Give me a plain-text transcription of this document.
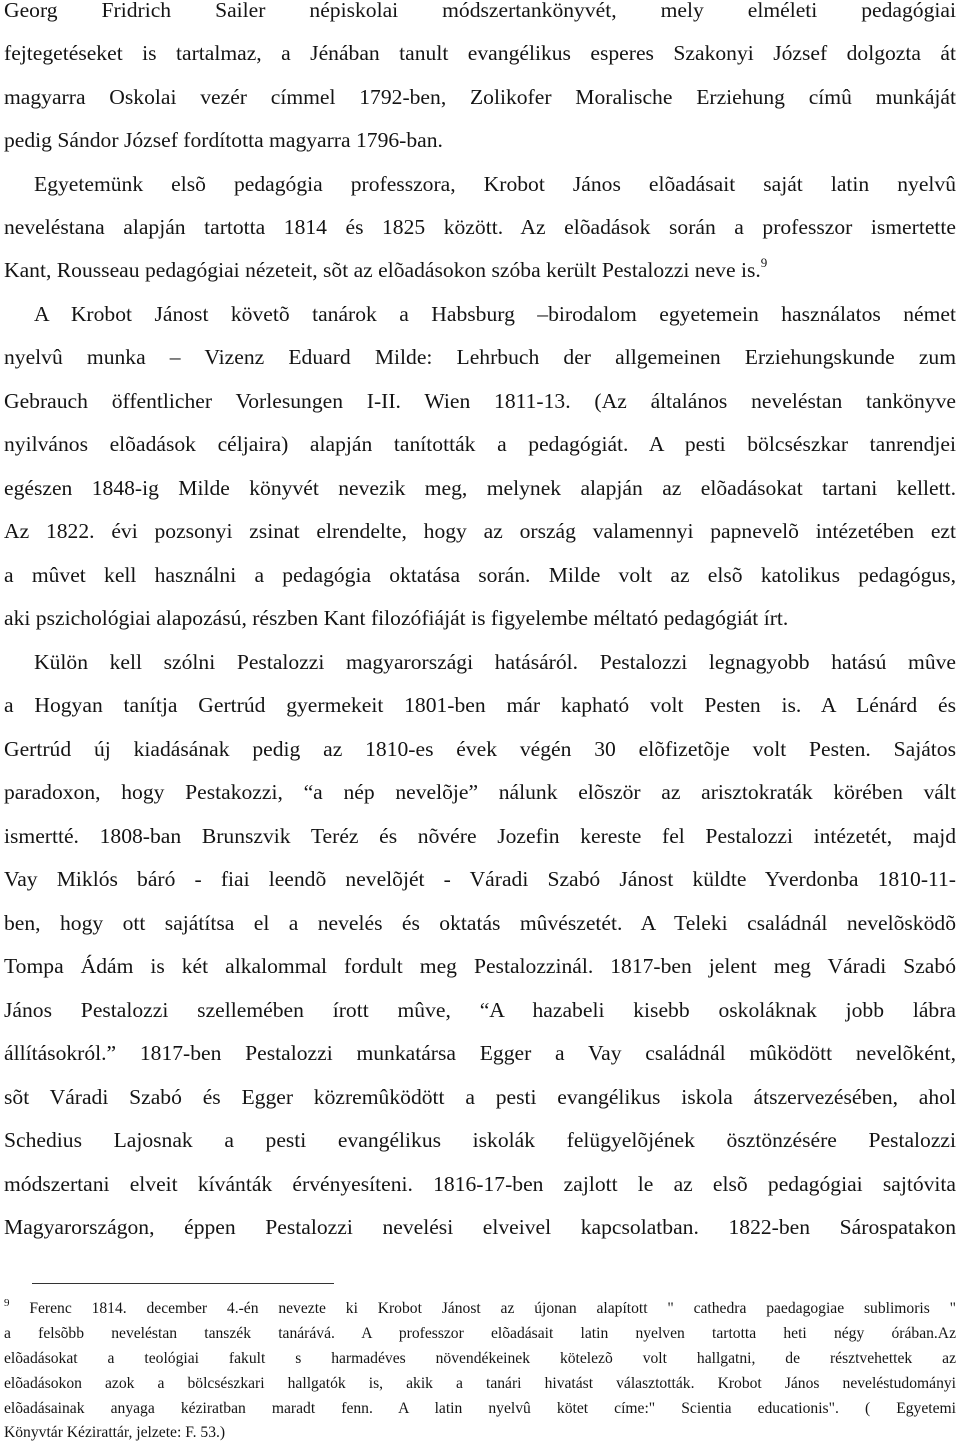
Georg Fridrich Sailer népiskolai módszertankönyvét, mely elméleti pedagógiai
fejtegetéseket is tartalmaz, a Jénában tanult evangélikus esperes Szakonyi József dolgozta át
magyarra Oskolai vezér címmel 1792-ben, Zolikofer Moralische Erziehung címû munkáját
pedig Sándor József fordította magyarra 1796-ban.
Egyetemünk elsõ pedagógia professzora, Krobot János elõadásait saját latin nyelvû
neveléstana alapján tartotta 1814 és 1825 között. Az elõadások során a professzor ismertette
Kant, Rousseau pedagógiai nézeteit, sõt az elõadásokon szóba került Pestalozzi neve is.$^9$
A Krobot Jánost követõ tanárok a Habsburg –birodalom egyetemein használatos német
nyelvû munka – Vizenz Eduard Milde: Lehrbuch der allgemeinen Erziehungskunde zum
Gebrauch öffentlicher Vorlesungen I-II. Wien 1811-13. (Az általános neveléstan tankönyve
nyilvános elõadások céljaira) alapján tanították a pedagógiát. A pesti bölcsészkar tanrendjei
egészen 1848-ig Milde könyvét nevezik meg, melynek alapján az elõadásokat tartani kellett.
Az 1822. évi pozsonyi zsinat elrendelte, hogy az ország valamennyi papnevelõ intézetében ezt
a mûvet kell használni a pedagógia oktatása során. Milde volt az elsõ katolikus pedagógus,
aki pszichológiai alapozású, részben Kant filozófiáját is figyelembe méltató pedagógiát írt.
Külön kell szólni Pestalozzi magyarországi hatásáról. Pestalozzi legnagyobb hatású mûve
a Hogyan tanítja Gertrúd gyermekeit 1801-ben már kapható volt Pesten is. A Lénárd és
Gertrúd új kiadásának pedig az 1810-es évek végén 30 elõfizetõje volt Pesten. Sajátos
paradoxon, hogy Pestakozzi, “a nép nevelõje” nálunk elõször az arisztokraták körében vált
ismertté. 1808-ban Brunszvik Teréz és nõvére Jozefin kereste fel Pestalozzi intézetét, majd
Vay Miklós báró - fiai leendõ nevelõjét - Váradi Szabó Jánost küldte Yverdonba 1810-11-
ben, hogy ott sajátítsa el a nevelés és oktatás mûvészetét. A Teleki családnál nevelõsködõ
Tompa Ádám is két alkalommal fordult meg Pestalozzinál. 1817-ben jelent meg Váradi Szabó
János Pestalozzi szellemében írott mûve, “A hazabeli kisebb oskoláknak jobb lábra
állításokról.” 1817-ben Pestalozzi munkatársa Egger a Vay családnál mûködött nevelõként,
sõt Váradi Szabó és Egger közremûködött a pesti evangélikus iskola átszervezésében, ahol
Schedius Lajosnak a pesti evangélikus iskolák felügyelõjének ösztönzésére Pestalozzi
módszertani elveit kívánták érvényesíteni. 1816-17-ben zajlott le az elsõ pedagógiai sajtóvita
Magyarországon, éppen Pestalozzi nevelési elveivel kapcsolatban. 1822-ben Sárospatakon
$^9$ Ferenc 1814. december 4.-én nevezte ki Krobot Jánost az újonan alapított " cathedra paedagogiae sublimoris "
a felsõbb neveléstan tanszék tanárává. A professzor elõadásait latin nyelven tartotta heti négy órában.Az
elõadásokat a teológiai fakult s harmadéves növendékeinek kötelezõ volt hallgatni, de résztvehettek az
elõadásokon azok a bölcsészkari hallgatók is, akik a tanári hivatást választották. Krobot János neveléstudományi
elõadásainak anyaga kéziratban maradt fenn. A latin nyelvû kötet címe:" Scientia educationis". ( Egyetemi
Könyvtár Kézirattár, jelzete: F. 53.)
